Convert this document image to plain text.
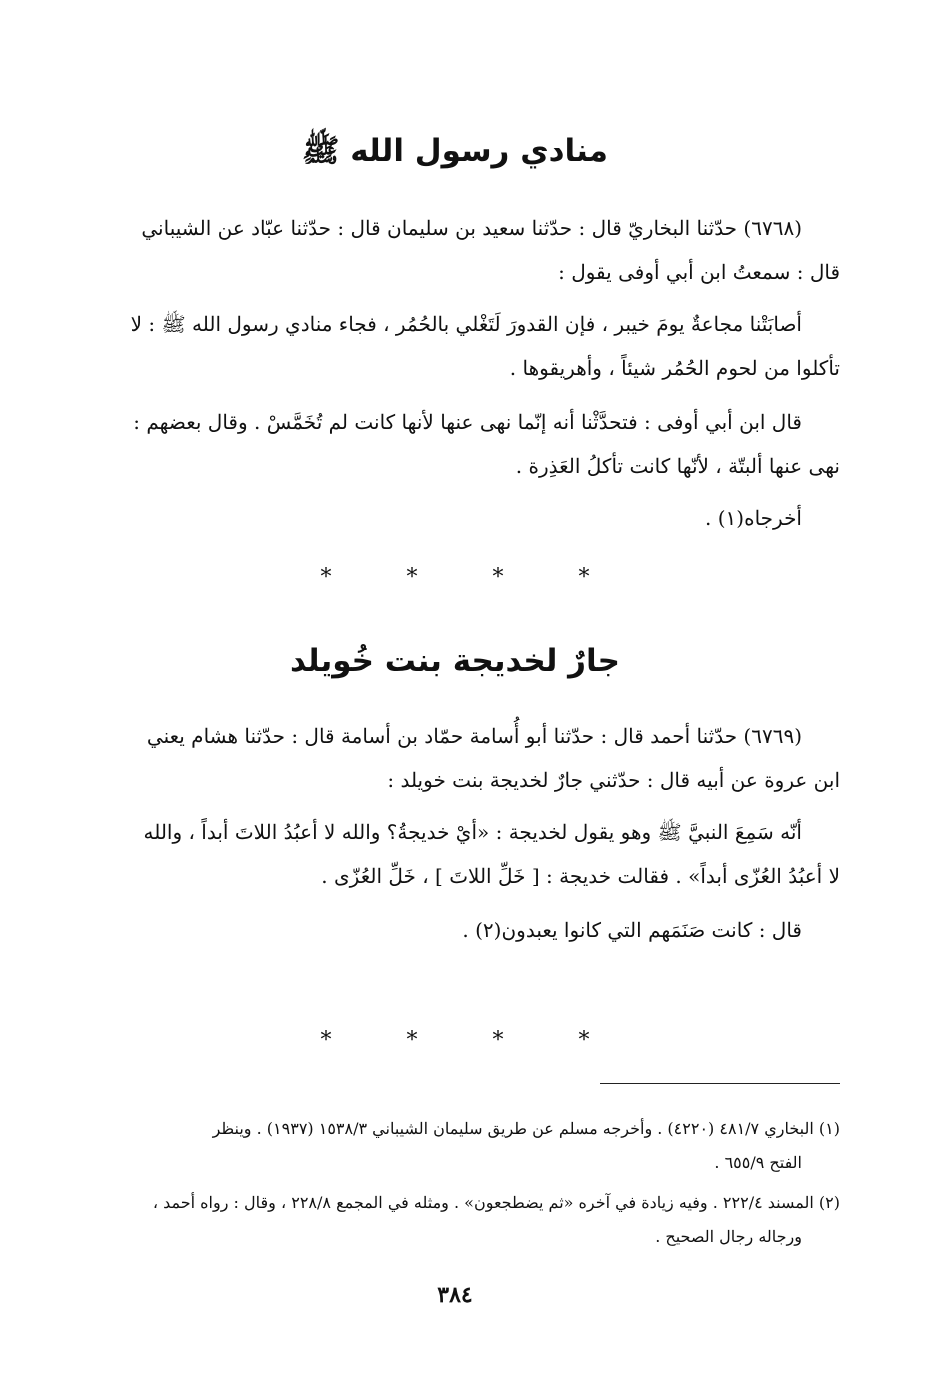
منادي رسول الله ﷺ

(٦٧٦٨) حدّثنا البخاريّ قال : حدّثنا سعيد بن سليمان قال : حدّثنا عبّاد عن الشيباني

قال : سمعتُ ابن أبي أوفى يقول :

أصابَتْنا مجاعةٌ يومَ خيبر ، فإن القدورَ لَتَغْلي بالحُمُر ، فجاء منادي رسول الله ﷺ : لا

تأكلوا من لحوم الحُمُر شيئاً ، وأهريقوها .

قال ابن أبي أوفى : فتحدَّثْنا أنه إنّما نهى عنها لأنها كانت لم تُخَمَّسْ . وقال بعضهم :

نهى عنها ألبتّة ، لأنّها كانت تأكلُ العَذِرة .

أخرجاه(١) .

* * * *
جارٌ لخديجة بنت خُويلد

(٦٧٦٩) حدّثنا أحمد قال : حدّثنا أبو أُسامة حمّاد بن أسامة قال : حدّثنا هشام يعني

ابن عروة عن أبيه قال : حدّثني جارٌ لخديجة بنت خويلد :

أنّه سَمِعَ النبيَّ ﷺ وهو يقول لخديجة : «أيْ خديجةُ؟ والله لا أعبُدُ اللاتَ أبداً ، والله

لا أعبُدُ العُزّى أبداً» . فقالت خديجة : [ خَلِّ اللاتَ ] ، خَلِّ العُزّى .

قال : كانت صَنَمَهم التي كانوا يعبدون(٢) .

* * * *

(١) البخاري ٤٨١/٧ (٤٢٢٠) . وأخرجه مسلم عن طريق سليمان الشيباني ١٥٣٨/٣ (١٩٣٧) . وينظر

الفتح ٦٥٥/٩ .

(٢) المسند ٢٢٢/٤ . وفيه زيادة في آخره «ثم يضطجعون» . ومثله في المجمع ٢٢٨/٨ ، وقال : رواه أحمد ،

ورجاله رجال الصحيح .

٣٨٤
